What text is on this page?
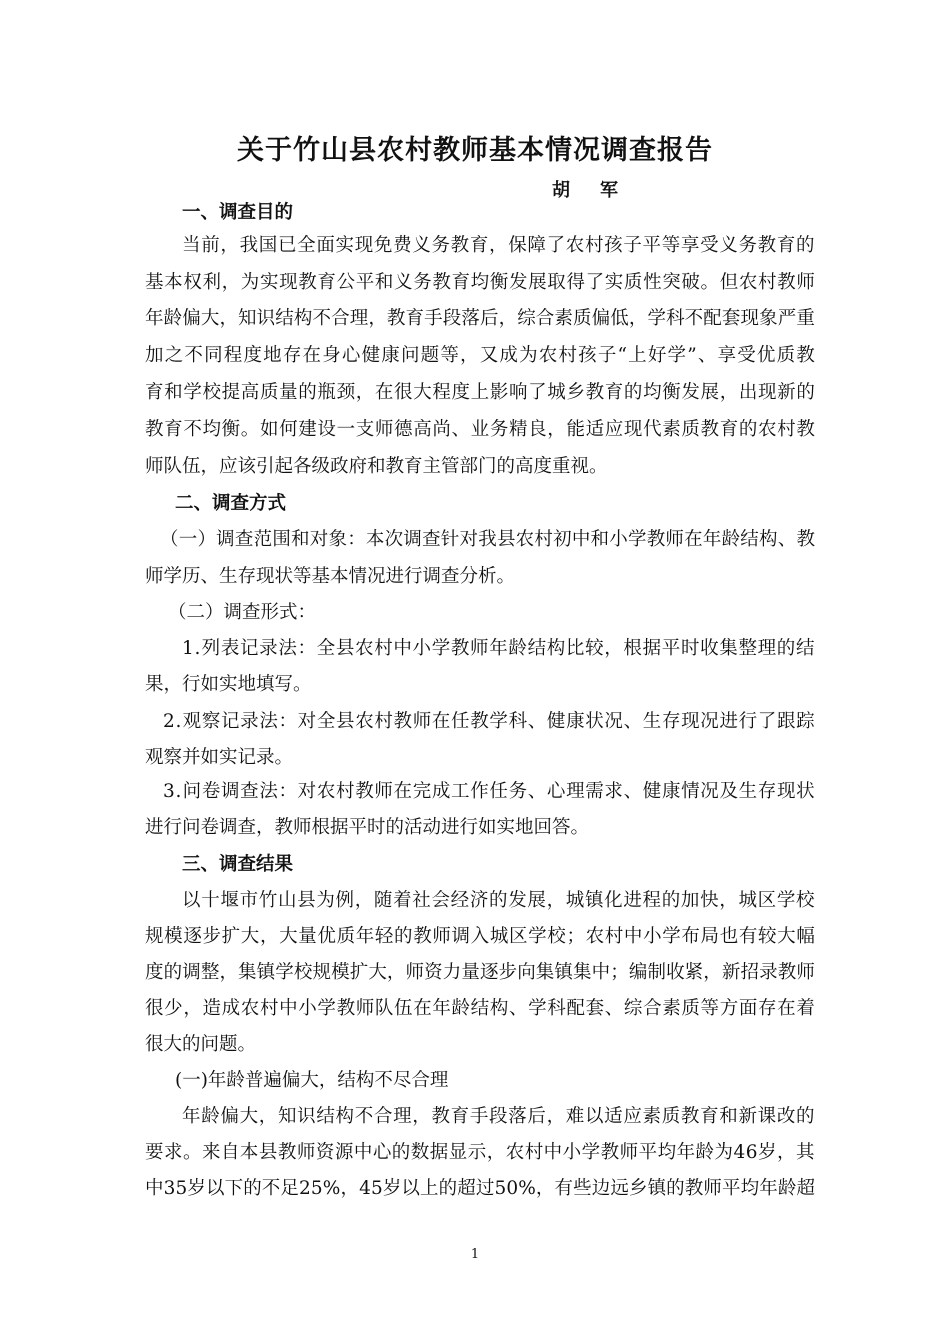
关于竹山县农村教师基本情况调查报告
胡军
一、调查目的
当 前 ， 我 国 已 全 面 实 现 免 费 义 务 教 育 ， 保 障 了 农 村 孩 子 平 等 享 受 义 务 教 育 的
基 本 权 利 ， 为 实 现 教 育 公 平 和 义 务 教 育 均 衡 发 展 取 得 了 实 质 性 突 破 。 但 农 村 教 师
年 龄 偏 大 ， 知 识 结 构 不 合 理 ， 教 育 手 段 落 后 ， 综 合 素 质 偏 低 ， 学 科 不 配 套 现 象 严 重
加 之 不 同 程 度 地 存 在 身 心 健 康 问 题 等 ， 又 成 为 农 村 孩 子 “ 上 好 学 ” 、 享 受 优 质 教
育 和 学 校 提 高 质 量 的 瓶 颈 ， 在 很 大 程 度 上 影 响 了 城 乡 教 育 的 均 衡 发 展 ， 出 现 新 的
教 育 不 均 衡 。 如 何 建 设 一 支 师 德 高 尚 、 业 务 精 良 ， 能 适 应 现 代 素 质 教 育 的 农 村 教
师队伍，应该引起各级政府和教育主管部门的高度重视。
二、调查方式
（ 一 ） 调 查 范 围 和 对 象 ： 本 次 调 查 针 对 我 县 农 村 初 中 和 小 学 教 师 在 年 龄 结 构 、 教
师学历、生存现状等基本情况进行调查分析。
（二）调查形式：
1 . 列 表 记 录 法 ： 全 县 农 村 中 小 学 教 师 年 龄 结 构 比 较 ， 根 据 平 时 收 集 整 理 的 结
果，行如实地填写。
2 . 观 察 记 录 法 ： 对 全 县 农 村 教 师 在 任 教 学 科 、 健 康 状 况 、 生 存 现 况 进 行 了 跟 踪
观察并如实记录。
3 . 问 卷 调 查 法 ： 对 农 村 教 师 在 完 成 工 作 任 务 、 心 理 需 求 、 健 康 情 况 及 生 存 现 状
进行问卷调查，教师根据平时的活动进行如实地回答。
三、调查结果
以 十 堰 市 竹 山 县 为 例 ， 随 着 社 会 经 济 的 发 展 ， 城 镇 化 进 程 的 加 快 ， 城 区 学 校
规 模 逐 步 扩 大 ， 大 量 优 质 年 轻 的 教 师 调 入 城 区 学 校 ； 农 村 中 小 学 布 局 也 有 较 大 幅
度 的 调 整 ， 集 镇 学 校 规 模 扩 大 ， 师 资 力 量 逐 步 向 集 镇 集 中 ； 编 制 收 紧 ， 新 招 录 教 师
很 少 ， 造 成 农 村 中 小 学 教 师 队 伍 在 年 龄 结 构 、 学 科 配 套 、 综 合 素 质 等 方 面 存 在 着
很大的问题。
(一)年龄普遍偏大，结构不尽合理
年 龄 偏 大 ， 知 识 结 构 不 合 理 ， 教 育 手 段 落 后 ， 难 以 适 应 素 质 教 育 和 新 课 改 的
要 求 。 来 自 本 县 教 师 资 源 中 心 的 数 据 显 示 ， 农 村 中 小 学 教 师 平 均 年 龄 为 4 6 岁 ， 其
中 3 5 岁 以 下 的 不 足 2 5 % ， 4 5 岁 以 上 的 超 过 5 0 % ， 有 些 边 远 乡 镇 的 教 师 平 均 年 龄 超
1
